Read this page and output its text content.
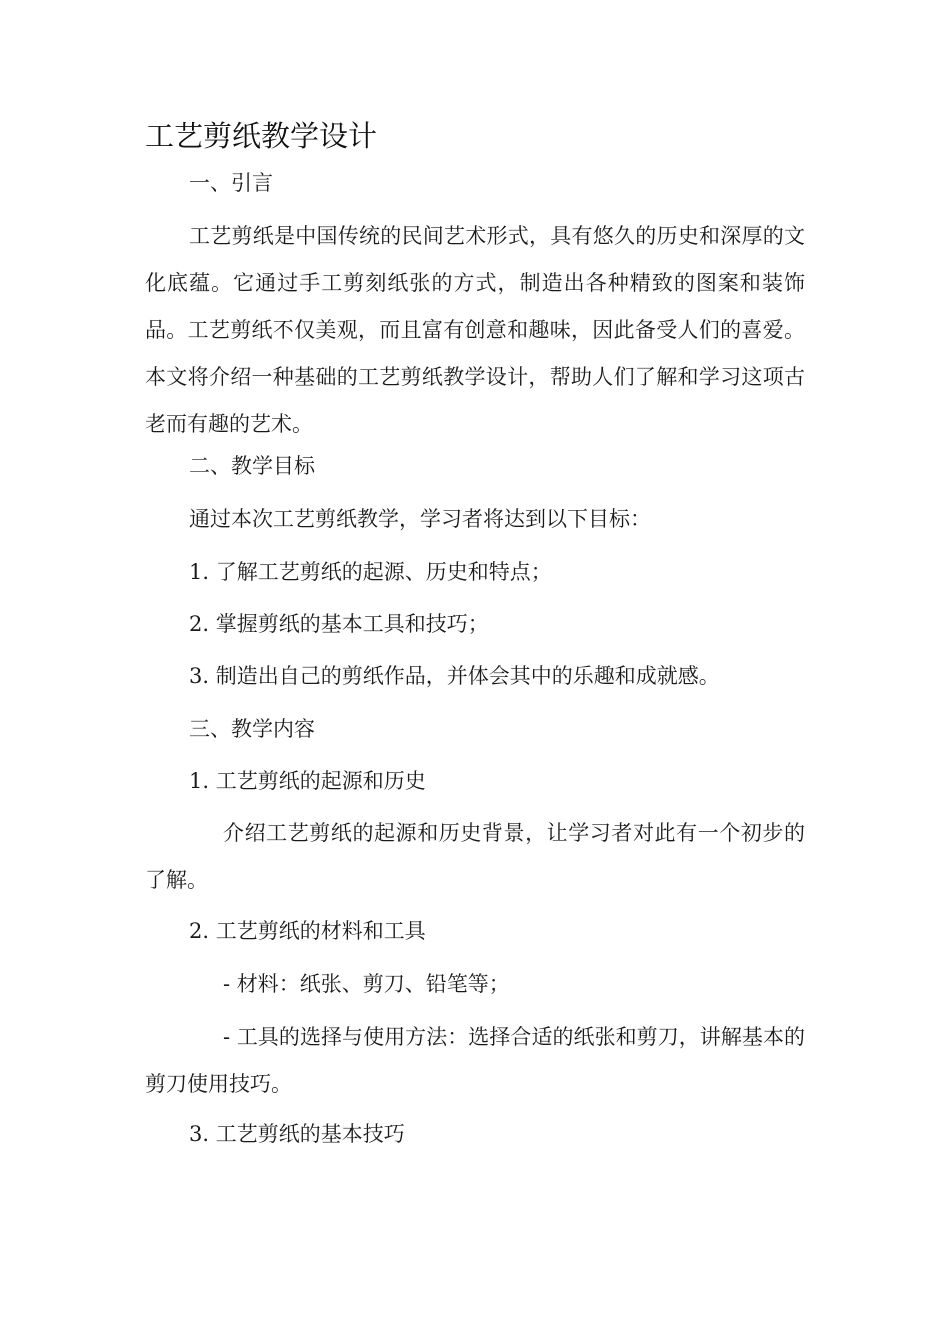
工艺剪纸教学设计

一、引言

工艺剪纸是中国传统的民间艺术形式，具有悠久的历史和深厚的文化底蕴。它通过手工剪刻纸张的方式，制造出各种精致的图案和装饰品。工艺剪纸不仅美观，而且富有创意和趣味，因此备受人们的喜爱。本文将介绍一种基础的工艺剪纸教学设计，帮助人们了解和学习这项古老而有趣的艺术。

二、教学目标

通过本次工艺剪纸教学，学习者将达到以下目标：

1. 了解工艺剪纸的起源、历史和特点；

2. 掌握剪纸的基本工具和技巧；

3. 制造出自己的剪纸作品，并体会其中的乐趣和成就感。

三、教学内容

1. 工艺剪纸的起源和历史

介绍工艺剪纸的起源和历史背景，让学习者对此有一个初步的了解。

2. 工艺剪纸的材料和工具

- 材料：纸张、剪刀、铅笔等；

- 工具的选择与使用方法：选择合适的纸张和剪刀，讲解基本的剪刀使用技巧。

3. 工艺剪纸的基本技巧
